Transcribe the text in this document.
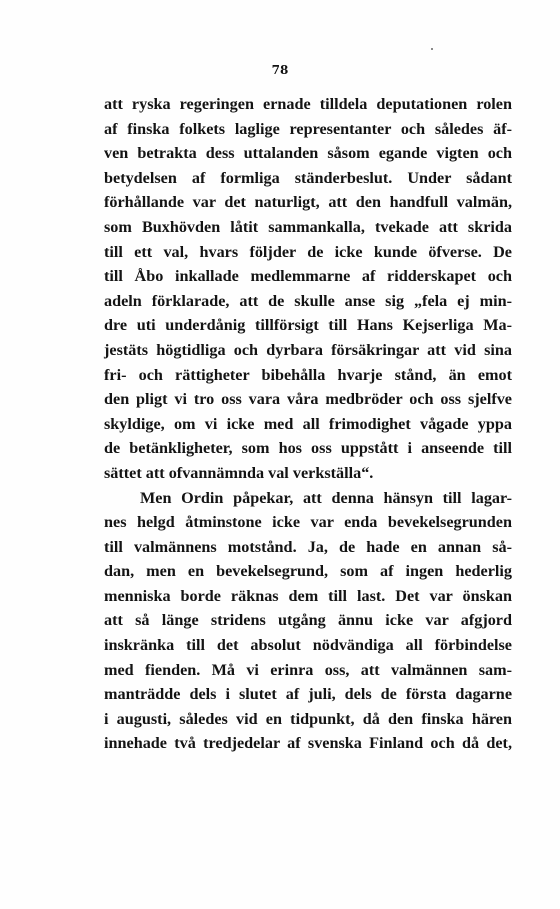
78
att ryska regeringen ernade tilldela deputationen rolen
af finska folkets laglige representanter och således äf-
ven betrakta dess uttalanden såsom egande vigten och
betydelsen af formliga ständerbeslut. Under sådant
förhållande var det naturligt, att den handfull valmän,
som Buxhövden låtit sammankalla, tvekade att skrida
till ett val, hvars följder de icke kunde öfverse. De
till Åbo inkallade medlemmarne af ridderskapet och
adeln förklarade, att de skulle anse sig „fela ej min-
dre uti underdånig tillförsigt till Hans Kejserliga Ma-
jestäts högtidliga och dyrbara försäkringar att vid sina
fri- och rättigheter bibehålla hvarje stånd, än emot
den pligt vi tro oss vara våra medbröder och oss sjelfve
skyldige, om vi icke med all frimodighet vågade yppa
de betänkligheter, som hos oss uppstått i anseende till
sättet att ofvannämnda val verkställa“.
Men Ordin påpekar, att denna hänsyn till lagar-
nes helgd åtminstone icke var enda bevekelsegrunden
till valmännens motstånd. Ja, de hade en annan så-
dan, men en bevekelsegrund, som af ingen hederlig
menniska borde räknas dem till last. Det var önskan
att så länge stridens utgång ännu icke var afgjord
inskränka till det absolut nödvändiga all förbindelse
med fienden. Må vi erinra oss, att valmännen sam-
manträdde dels i slutet af juli, dels de första dagarne
i augusti, således vid en tidpunkt, då den finska hären
innehade två tredjedelar af svenska Finland och då det,
